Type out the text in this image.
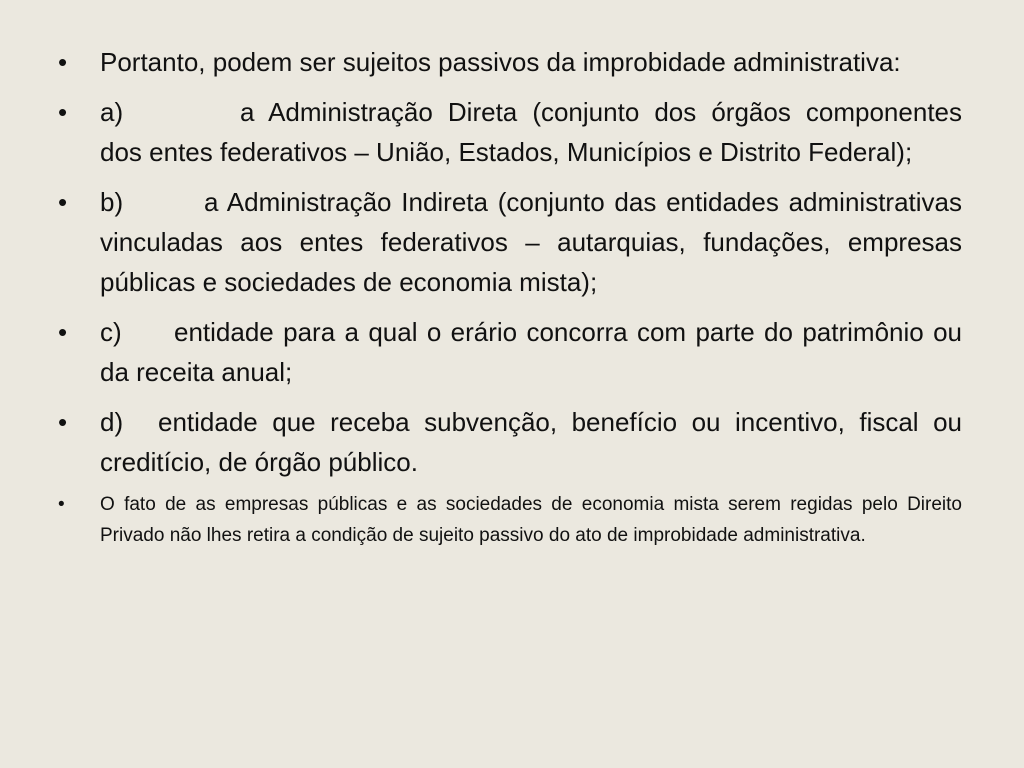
• Portanto, podem ser sujeitos passivos da improbidade administrativa:
• a)	a Administração Direta (conjunto dos órgãos componentes dos entes federativos – União, Estados, Municípios e Distrito Federal);
• b)	a Administração Indireta (conjunto das entidades administrativas vinculadas aos entes federativos – autarquias, fundações, empresas públicas e sociedades de economia mista);
• c) entidade para a qual o erário concorra com parte do patrimônio ou da receita anual;
• d) entidade que receba subvenção, benefício ou incentivo, fiscal ou creditício, de órgão público.
• O fato de as empresas públicas e as sociedades de economia mista serem regidas pelo Direito Privado não lhes retira a condição de sujeito passivo do ato de improbidade administrativa.
